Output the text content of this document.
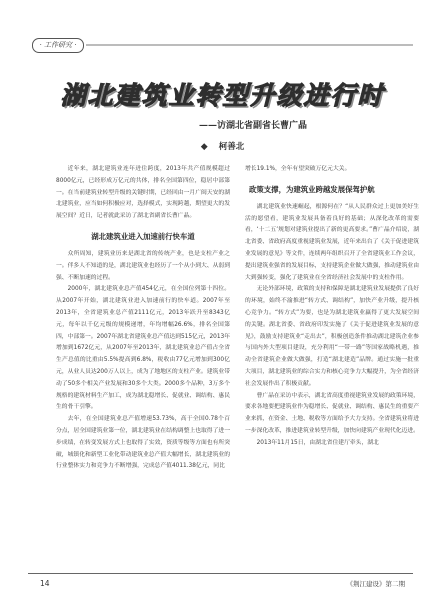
· 工作研究 ·
湖北建筑业转型升级进行时
——访湖北省副省长曹广晶
◆ 柯善北

近年来，湖北建筑业连年迸住跨度，2013年共产值规模超过8000亿元，已经形成万亿元的共体，排名全国第四位，稳居中部第一。在当前建筑业转型升级的关键时期，已经回由一月广闽天安的湖北建筑业，应当如何积极应对，选择模式，实现跨越，期望更大的发展空间？近日，记者就此采访了湖北省副省长曹广晶。

湖北建筑业进入加速前行快车道

众所周知，建筑业历来是湖北省的传统产业，也是支柱产业之一。伴多人不知道的是，湖北建筑业也经历了一个从小到大、从弱到强、不断加速的过程。

2000年，湖北建筑业总产值454亿元，在全国位列第十四位。从2007年开始，湖北建筑业进入加速前行的快车道。2007年至2013年，全省建筑业总产值2111亿元，2013年跃升至8343亿元，每年以千亿元级的规模递增，年均增幅26.6%，排名全国第四，中部第一。2007年湖北省建筑业总产值达到515亿元，2013年增加到1672亿元，从2007年至2013年，湖北建筑业总产值占全省生产总值的比重由5.5%提高到6.8%，税收由77亿元增加到300亿元，从业人员达200万人以上，成为了地地区的支柱产业。建筑业带动了50多个相关产业发展和30多个大类。2000多个品种，3万多个规格的建筑材料生产加工，成为湖北稳增长、促就业、调结构、惠民生的骨干引擎。

去年，在全国建筑业总产值增速53.73%，高于全国0.78个百分点，居全国建筑业第一位，湖北建筑业在结构调整上也取得了进一步成绩，在转变发展方式上也取得了实效，资质等级等方面也有所突破，城镇化和新型工业化带动建筑业总产值大幅增长，湖北建筑业的行业整体实力和竞争力不断增强，完成总产值4011.38亿元，同比

增长19.1%，全年有望突破万亿元大关。

政策支撑，为建筑业跨越发展保驾护航

湖北建筑业快速崛起，根源何在？“从人民群众过上更加美好生活的愿望看，建筑业发展具备着良好的基础；从深化改革的需要看，‘十二五’规划对建筑业提出了新的更高要求。”曹广晶介绍说，湖北省委、省政府高度重视建筑业发展，近年来出台了《关于促进建筑业发展的意见》等文件，连续两年组织召开了全省建筑业工作会议，提出建筑业强省的发展目标，支持建筑企业做大做强，推动建筑业由大到强转变，强化了建筑业在全省经济社会发展中的支柱作用。

无论外部环境，政策的支持和保障是湖北建筑业发展提供了良好的环境，始终不渝推进“转方式、调结构”，加快产业升级，提升核心竞争力。“转方式”为要，也是为湖北建筑业赢得了更大发展空间的关键。湖北省委、省政府印发实施了《关于促进建筑业发展的意见》，鼓励支持建筑业“走出去”，积极创造条件推动湖北建筑企业参与国内外大型项目建设，充分利用“一带一路”等国家战略机遇，推动全省建筑企业做大做强，打造“湖北建造”品牌。通过实施一批重大项目，湖北建筑业的综合实力和核心竞争力大幅提升，为全省经济社会发展作出了积极贡献。

曹广晶在采访中表示，湖北省高度重视建筑业发展的政策环境，要求各地要把建筑业作为稳增长、促就业、调结构、惠民生的重要产业来抓，在资金、土地、税收等方面给予大力支持。全省建筑业将进一步深化改革，推进建筑业转型升级，加快向建筑产业现代化迈进。

2013年11月15日，由湖北省住建厅牵头，湖北

14	《荆江建设》第二期
